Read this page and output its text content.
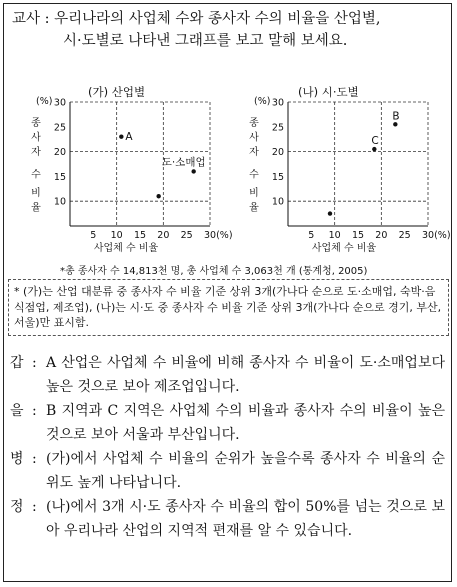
교사 : 우리나라의 사업체 수와 종사자 수의 비율을 산업별,
시·도별로 나타낸 그래프를 보고 말해 보세요.
(가) 산업별	(나) 시·도별
(%) 30
25
20
15
10
종
사
자
수
비
율
5 10 15 20 25 30(%)
사업체 수 비율
A
도·소매업
(%) 30
25
20
15
10
종
사
자
수
비
율
5 10 15 20 25 30(%)
사업체 수 비율
B
C
*총 종사자 수 14,813천 명, 총 사업체 수 3,063천 개 (통계청, 2005)
* (가)는 산업 대분류 중 종사자 수 비율 기준 상위 3개(가나다 순으로 도·소매업, 숙박·음식점업, 제조업), (나)는 시·도 중 종사자 수 비율 기준 상위 3개(가나다 순으로 경기, 부산, 서울)만 표시함.
갑 : A 산업은 사업체 수 비율에 비해 종사자 수 비율이 도·소매업보다 높은 것으로 보아 제조업입니다.
을 : B 지역과 C 지역은 사업체 수의 비율과 종사자 수의 비율이 높은 것으로 보아 서울과 부산입니다.
병 : (가)에서 사업체 수 비율의 순위가 높을수록 종사자 수 비율의 순위도 높게 나타납니다.
정 : (나)에서 3개 시·도 종사자 수 비율의 합이 50%를 넘는 것으로 보아 우리나라 산업의 지역적 편재를 알 수 있습니다.
